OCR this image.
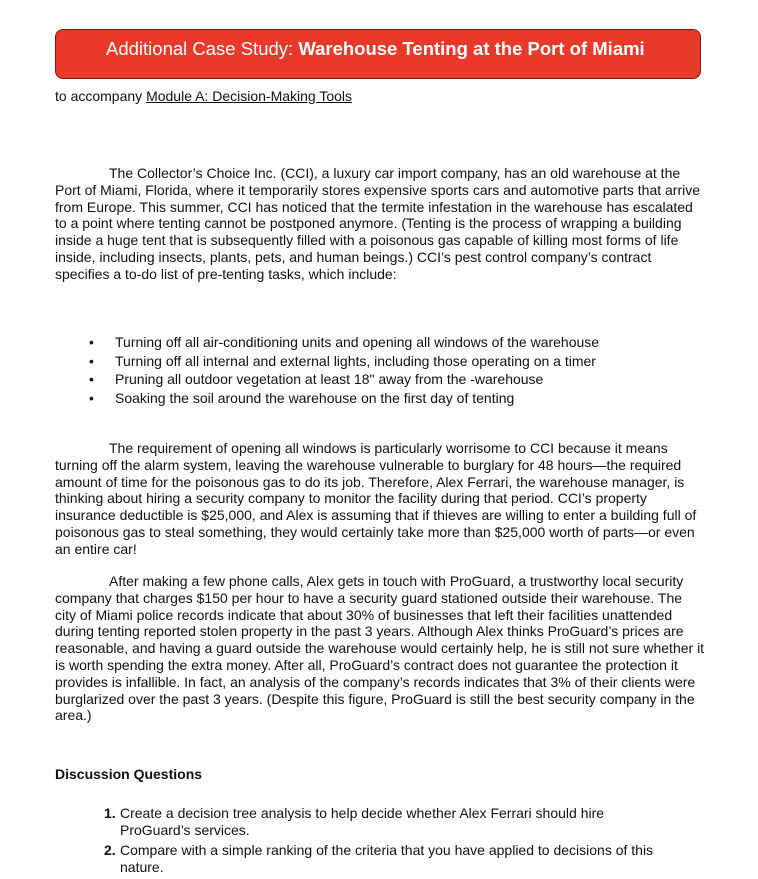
Additional Case Study: Warehouse Tenting at the Port of Miami
to accompany Module A: Decision-Making Tools

The Collector’s Choice Inc. (CCI), a luxury car import company, has an old warehouse at the Port of Miami, Florida, where it temporarily stores expensive sports cars and automotive parts that arrive from Europe. This summer, CCI has noticed that the termite infestation in the warehouse has escalated to a point where tenting cannot be postponed anymore. (Tenting is the process of wrapping a building inside a huge tent that is subsequently filled with a poisonous gas capable of killing most forms of life inside, including insects, plants, pets, and human beings.) CCI’s pest control company’s contract specifies a to-do list of pre-tenting tasks, which include:

• Turning off all air-conditioning units and opening all windows of the warehouse
• Turning off all internal and external lights, including those operating on a timer
• Pruning all outdoor vegetation at least 18" away from the -warehouse
• Soaking the soil around the warehouse on the first day of tenting

The requirement of opening all windows is particularly worrisome to CCI because it means turning off the alarm system, leaving the warehouse vulnerable to burglary for 48 hours—the required amount of time for the poisonous gas to do its job. Therefore, Alex Ferrari, the warehouse manager, is thinking about hiring a security company to monitor the facility during that period. CCI’s property insurance deductible is $25,000, and Alex is assuming that if thieves are willing to enter a building full of poisonous gas to steal something, they would certainly take more than $25,000 worth of parts—or even an entire car!

After making a few phone calls, Alex gets in touch with ProGuard, a trustworthy local security company that charges $150 per hour to have a security guard stationed outside their warehouse. The city of Miami police records indicate that about 30% of businesses that left their facilities unattended during tenting reported stolen property in the past 3 years. Although Alex thinks ProGuard’s prices are reasonable, and having a guard outside the warehouse would certainly help, he is still not sure whether it is worth spending the extra money. After all, ProGuard’s contract does not guarantee the protection it provides is infallible. In fact, an analysis of the company’s records indicates that 3% of their clients were burglarized over the past 3 years. (Despite this figure, ProGuard is still the best security company in the area.)

Discussion Questions
1. Create a decision tree analysis to help decide whether Alex Ferrari should hire ProGuard’s services.
2. Compare with a simple ranking of the criteria that you have applied to decisions of this nature.
